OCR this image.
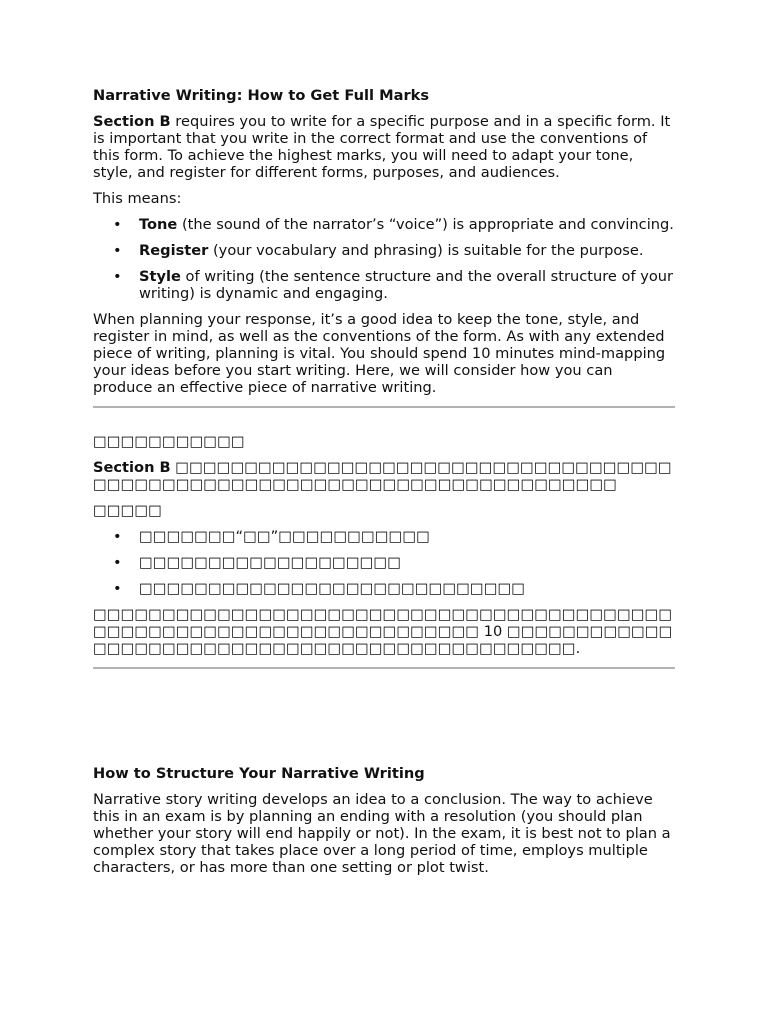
Narrative Writing: How to Get Full Marks

Section B requires you to write for a specific purpose and in a specific form. It is important that you write in the correct format and use the conventions of this form. To achieve the highest marks, you will need to adapt your tone, style, and register for different forms, purposes, and audiences.

This means:

• Tone (the sound of the narrator’s “voice”) is appropriate and convincing.
• Register (your vocabulary and phrasing) is suitable for the purpose.
• Style of writing (the sentence structure and the overall structure of your writing) is dynamic and engaging.

When planning your response, it’s a good idea to keep the tone, style, and register in mind, as well as the conventions of the form. As with any extended piece of writing, planning is vital. You should spend 10 minutes mind-mapping your ideas before you start writing. Here, we will consider how you can produce an effective piece of narrative writing.

□□□□□□□□□□□

Section B □□□□□□□□□□□□□□□□□□□□□□□□□□□□□□□□□□□□□□□□□□□□□□□□□□□□□□□□□□□□□□□□□□□□□□□□□□

□□□□□

• □□□□□□□“□□”□□□□□□□□□□□
• □□□□□□□□□□□□□□□□□□□
• □□□□□□□□□□□□□□□□□□□□□□□□□□□□

□□□□□□□□□□□□□□□□□□□□□□□□□□□□□□□□□□□□□□□□□□□□□□□□□□□□□□□□□□□□□□□□□□□□□□ 10 □□□□□□□□□□□□□□□□□□□□□□□□□□□□□□□□□□□□□□□□□□□□□□□.

How to Structure Your Narrative Writing

Narrative story writing develops an idea to a conclusion. The way to achieve this in an exam is by planning an ending with a resolution (you should plan whether your story will end happily or not). In the exam, it is best not to plan a complex story that takes place over a long period of time, employs multiple characters, or has more than one setting or plot twist.
